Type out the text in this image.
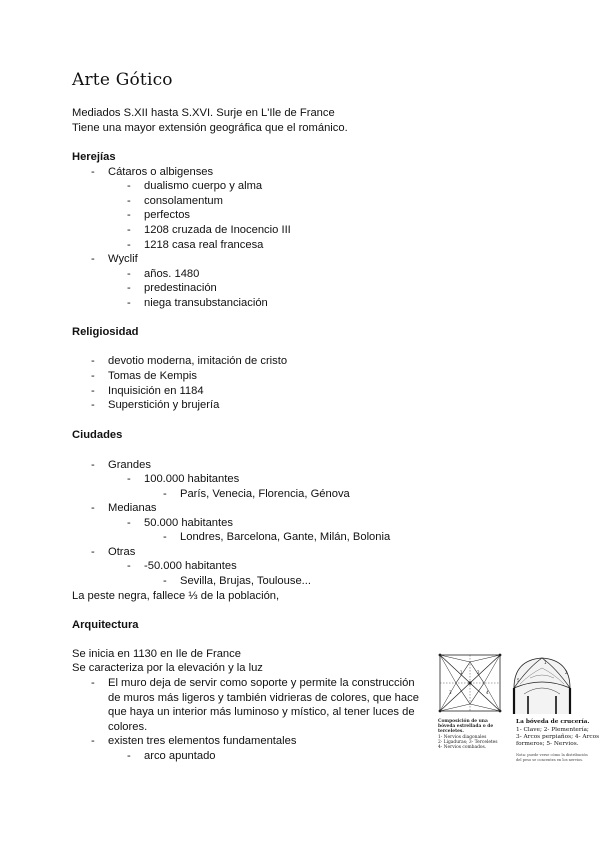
Arte Gótico
Mediados S.XII hasta S.XVI. Surje en L'Ile de France
Tiene una mayor extensión geográfica que el románico.
Herejías
- Cátaros o albigenses
- dualismo cuerpo y alma
- consolamentum
- perfectos
- 1208 cruzada de Inocencio III
- 1218 casa real francesa
- Wyclif
- años. 1480
- predestinación
- niega transubstanciación
Religiosidad
- devotio moderna, imitación de cristo
- Tomas de Kempis
- Inquisición en 1184
- Superstición y brujería
Ciudades
- Grandes
- 100.000 habitantes
- París, Venecia, Florencia, Génova
- Medianas
- 50.000 habitantes
- Londres, Barcelona, Gante, Milán, Bolonia
- Otras
- -50.000 habitantes
- Sevilla, Brujas, Toulouse...
La peste negra, fallece ⅓ de la población,
Arquitectura
Se inicia en 1130 en Ile de France
Se caracteriza por la elevación y la luz
- El muro deja de servir como soporte y permite la construcción
de muros más ligeros y también vidrieras de colores, que hace
que haya un interior más luminoso y místico, al tener luces de
colores.
- existen tres elementos fundamentales
- arco apuntado
1	2
3	4
1
2
5
Composición de una
bóveda estrellada o de
terceletes.
1- Nervios diagonales
2- Ligaduras; 3- Terceletes
4- Nervios combados.
La bóveda de crucería.
1- Clave; 2- Plementería;
3- Arcos perpiaños; 4- Arcos
formeros; 5- Nervios.
Nota: puede verse cómo la distribución
del peso se concentra en los nervios.
